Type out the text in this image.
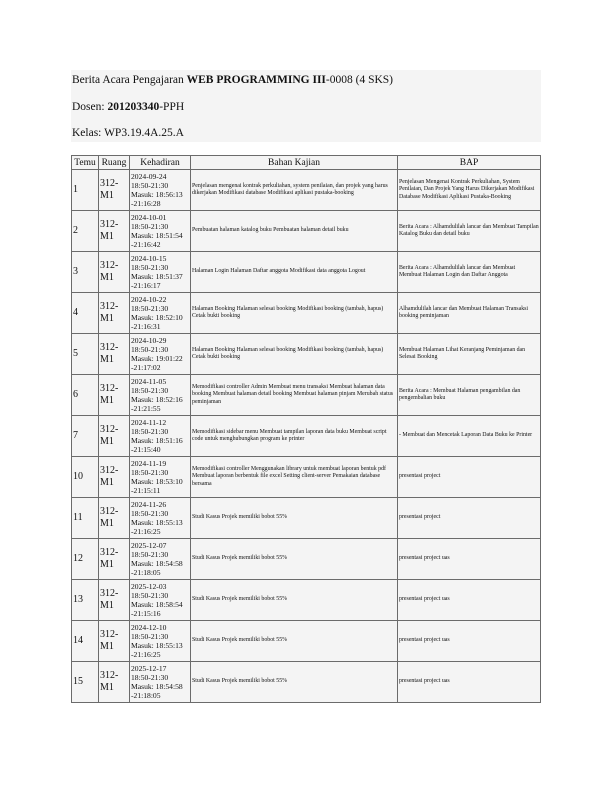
Berita Acara Pengajaran WEB PROGRAMMING III-0008 (4 SKS)
Dosen: 201203340-PPH
Kelas: WP3.19.4A.25.A
Temu	Ruang	Kehadiran	Bahan Kajian	BAP
1	312-M1	2024-09-24
18:50-21:30
Masuk: 18:56:13
-21:16:28	Penjelasan mengenai kontrak perkuliahan, system penilaian, dan projek yang harus dikerjakan Modifikasi database Modifikasi aplikasi pustaka-booking	Penjelasan Mengenai Kontrak Perkuliahan, System Penilaian, Dan Projek Yang Harus Dikerjakan Modifikasi Database Modifikasi Aplikasi Pustaka-Booking
2	312-M1	2024-10-01
18:50-21:30
Masuk: 18:51:54
-21:16:42	Pembuatan halaman katalog buku Pembuatan halaman detail buku	Berita Acara : Alhamdulilah lancar dan Membuat Tampilan Katalog Buku dan detail buku
3	312-M1	2024-10-15
18:50-21:30
Masuk: 18:51:37
-21:16:17	Halaman Login Halaman Daftar anggota Modifikasi data anggota Logout	Berita Acara : Alhamdulilah lancar dan Membuat Membuat Halaman Login dan Daftar Anggota
4	312-M1	2024-10-22
18:50-21:30
Masuk: 18:52:10
-21:16:31	Halaman Booking Halaman selesai booking Modifikasi booking (tambah, hapus) Cetak bukti booking	Alhamdulilah lancar dan Membuat Halaman Transaksi booking peminjaman
5	312-M1	2024-10-29
18:50-21:30
Masuk: 19:01:22
-21:17:02	Halaman Booking Halaman selesai booking Modifikasi booking (tambah, hapus) Cetak bukti booking	Membuat Halaman Lihat Keranjang Peminjaman dan Selesai Booking
6	312-M1	2024-11-05
18:50-21:30
Masuk: 18:52:16
-21:21:55	Memodifikasi controller Admin Membuat menu transaksi Membuat halaman data booking Membuat halaman detail booking Membuat halaman pinjam Merubah status peminjaman	Berita Acara : Membuat Halaman pengambilan dan pengembalian buku
7	312-M1	2024-11-12
18:50-21:30
Masuk: 18:51:16
-21:15:40	Memodifikasi sidebar menu Membuat tampilan laporan data buku Membuat script code untuk menghubungkan program ke printer	- Membuat dan Mencetak Laporan Data Buku ke Printer
10	312-M1	2024-11-19
18:50-21:30
Masuk: 18:53:10
-21:15:11	Memodifikasi controller Menggunakan library untuk membuat laporan bentuk pdf Membuat laporan berbentuk file excel Setting client-server Pemakaian database bersama	presentasi project
11	312-M1	2024-11-26
18:50-21:30
Masuk: 18:55:13
-21:16:25	Studi Kasus Projek memiliki bobot 55%	presentasi project
12	312-M1	2025-12-07
18:50-21:30
Masuk: 18:54:58
-21:18:05	Studi Kasus Projek memiliki bobot 55%	presentasi project uas
13	312-M1	2025-12-03
18:50-21:30
Masuk: 18:58:54
-21:15:16	Studi Kasus Projek memiliki bobot 55%	presentasi project uas
14	312-M1	2024-12-10
18:50-21:30
Masuk: 18:55:13
-21:16:25	Studi Kasus Projek memiliki bobot 55%	presentasi project uas
15	312-M1	2025-12-17
18:50-21:30
Masuk: 18:54:58
-21:18:05	Studi Kasus Projek memiliki bobot 55%	presentasi project uas
